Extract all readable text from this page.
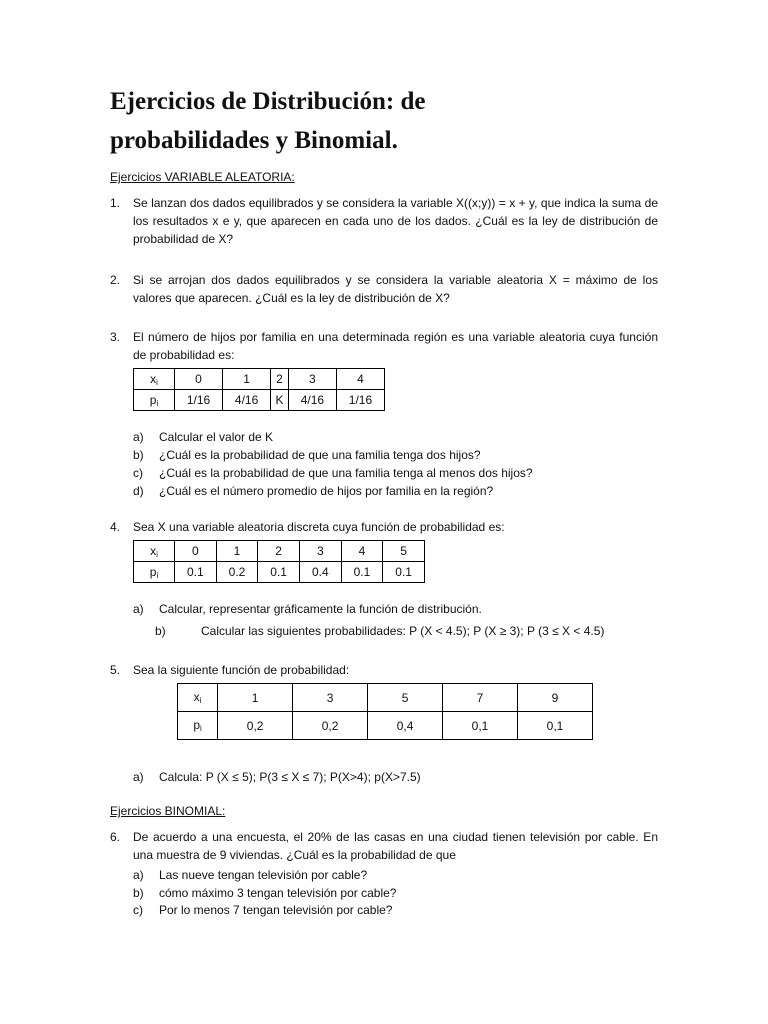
Ejercicios de Distribución: de
probabilidades y Binomial.

Ejercicios VARIABLE ALEATORIA:

1.	Se lanzan dos dados equilibrados y se considera la variable X((x;y)) = x + y, que indica la suma de los resultados x e y, que aparecen en cada uno de los dados. ¿Cuál es la ley de distribución de probabilidad de X?
2.	Si se arrojan dos dados equilibrados y se considera la variable aleatoria X = máximo de los valores que aparecen. ¿Cuál es la ley de distribución de X?
3.	El número de hijos por familia en una determinada región es una variable aleatoria cuya función de probabilidad es:
$x_i$	0	1	2	3	4
$p_i$	1/16	4/16	K	4/16	1/16
a) Calcular el valor de K
b) ¿Cuál es la probabilidad de que una familia tenga dos hijos?
c) ¿Cuál es la probabilidad de que una familia tenga al menos dos hijos?
d) ¿Cuál es el número promedio de hijos por familia en la región?
4.	Sea X una variable aleatoria discreta cuya función de probabilidad es:
$x_i$	0	1	2	3	4	5
$p_i$	0.1	0.2	0.1	0.4	0.1	0.1
a) Calcular, representar gráficamente la función de distribución.
b)	Calcular las siguientes probabilidades: P (X < 4.5); P (X ≥ 3); P (3 ≤ X < 4.5)
5.	Sea la siguiente función de probabilidad:
$x_i$	1	3	5	7	9
$p_i$	0,2	0,2	0,4	0,1	0,1
a) Calcula: P (X ≤ 5); P(3 ≤ X ≤ 7); P(X>4); p(X>7.5)

Ejercicios BINOMIAL:

6.	De acuerdo a una encuesta, el 20% de las casas en una ciudad tienen televisión por cable. En una muestra de 9 viviendas. ¿Cuál es la probabilidad de que
a) Las nueve tengan televisión por cable?
b) cómo máximo 3 tengan televisión por cable?
c) Por lo menos 7 tengan televisión por cable?
